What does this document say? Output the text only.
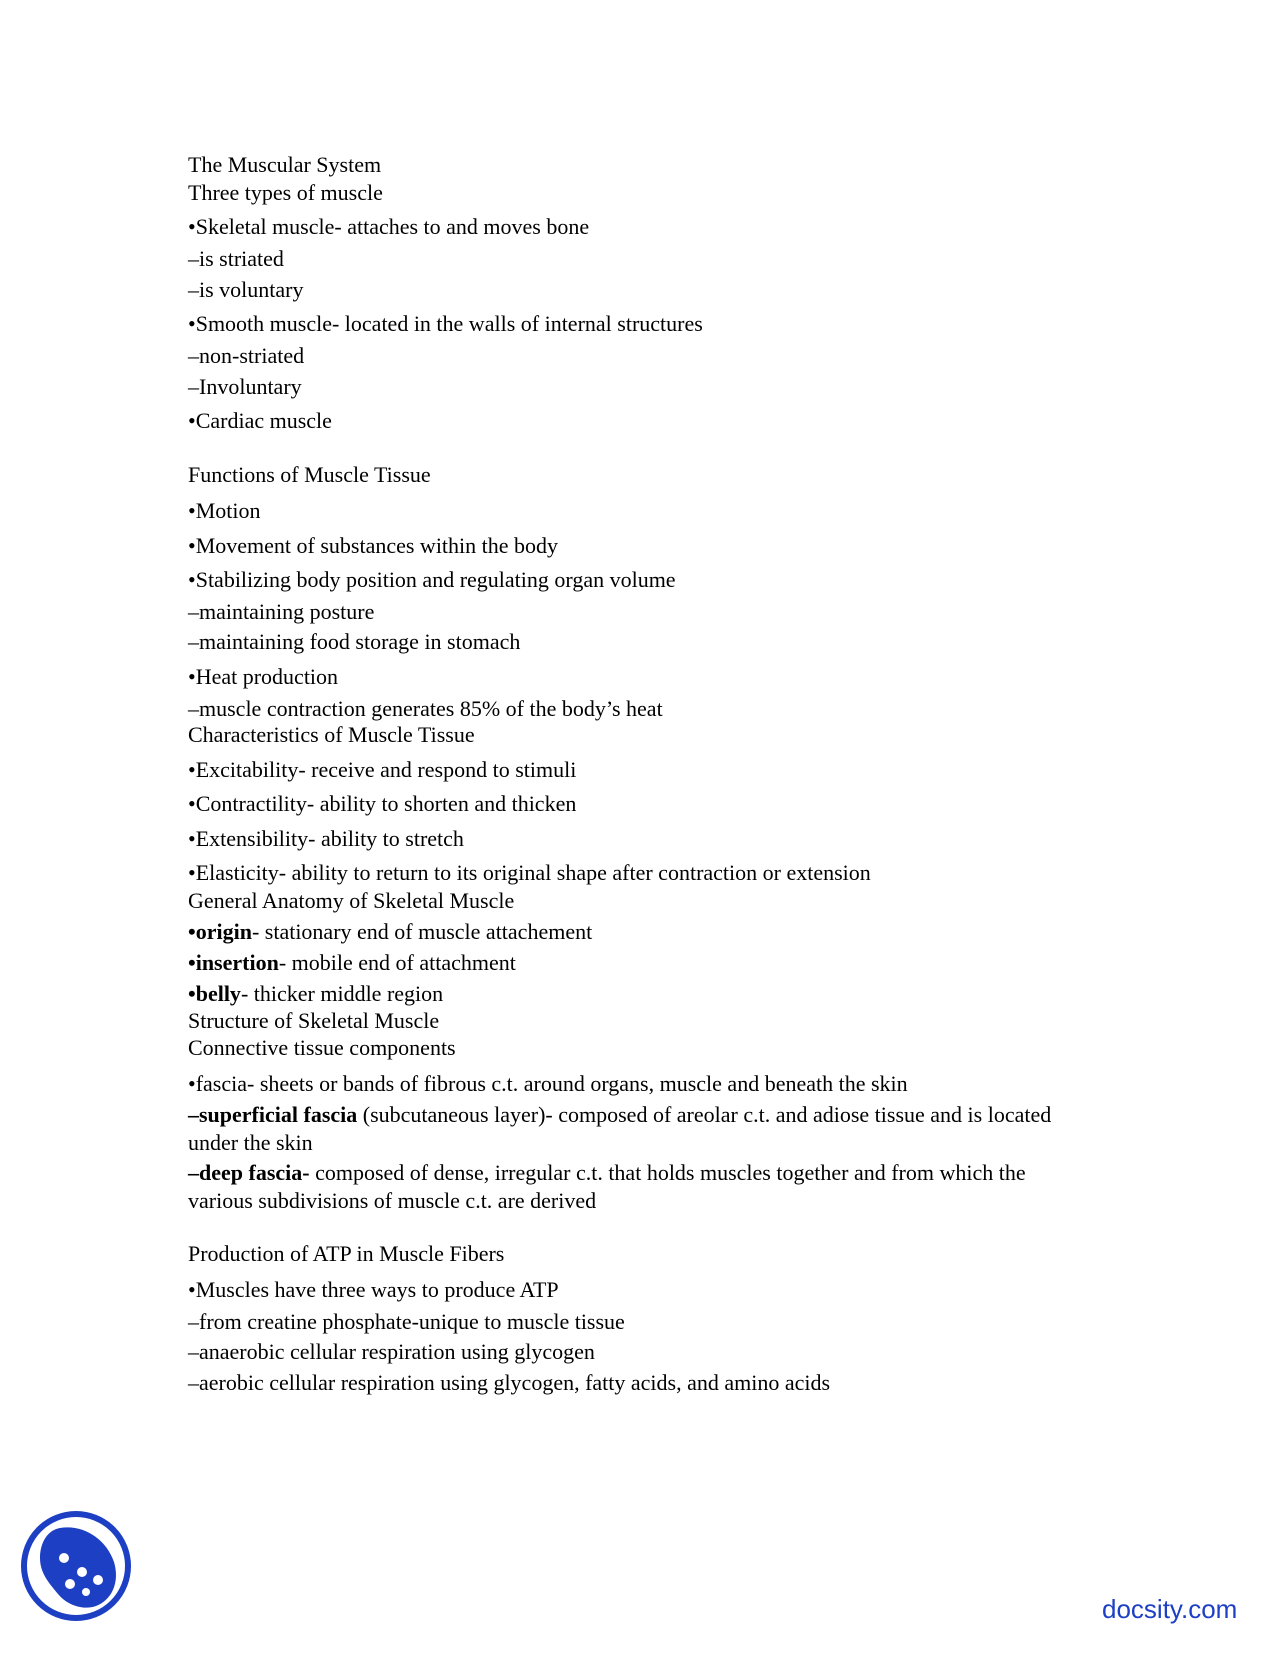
The Muscular System
Three types of muscle
•Skeletal muscle- attaches to and moves bone
–is striated
–is voluntary
•Smooth muscle- located in the walls of internal structures
–non-striated
–Involuntary
•Cardiac muscle
Functions of Muscle Tissue
•Motion
•Movement of substances within the body
•Stabilizing body position and regulating organ volume
–maintaining posture
–maintaining food storage in stomach
•Heat production
–muscle contraction generates 85% of the body’s heat
Characteristics of Muscle Tissue
•Excitability- receive and respond to stimuli
•Contractility- ability to shorten and thicken
•Extensibility- ability to stretch
•Elasticity- ability to return to its original shape after contraction or extension
General Anatomy of Skeletal Muscle
•origin- stationary end of muscle attachement
•insertion- mobile end of attachment
•belly- thicker middle region
Structure of Skeletal Muscle
Connective tissue components
•fascia- sheets or bands of fibrous c.t. around organs, muscle and beneath the skin
–superficial fascia (subcutaneous layer)- composed of areolar c.t. and adiose tissue and is located under the skin
–deep fascia- composed of dense, irregular c.t. that holds muscles together and from which the various subdivisions of muscle c.t. are derived
Production of ATP in Muscle Fibers
•Muscles have three ways to produce ATP
–from creatine phosphate-unique to muscle tissue
–anaerobic cellular respiration using glycogen
–aerobic cellular respiration using glycogen, fatty acids, and amino acids
docsity.com
